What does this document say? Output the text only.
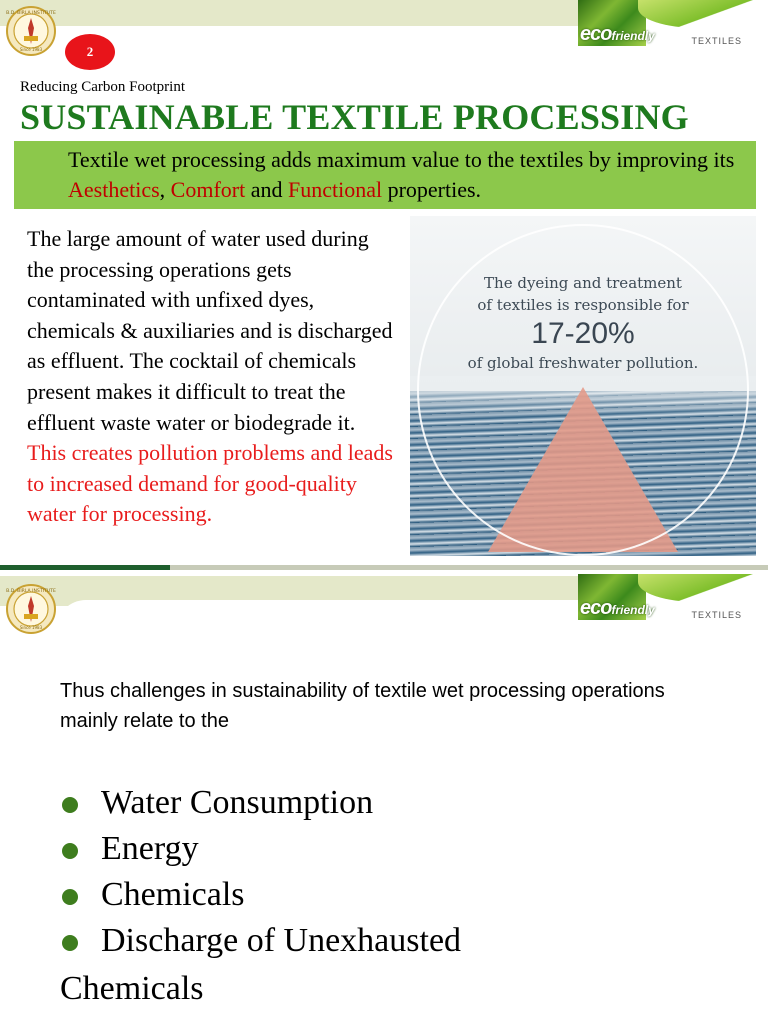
B.D. BIRLA INSTITUTE
Since 1983
ecofriendly	TEXTILES
2
Reducing Carbon Footprint
SUSTAINABLE TEXTILE PROCESSING
Textile wet processing adds maximum value to the textiles by improving its Aesthetics, Comfort and Functional properties.
The large amount of water used during the processing operations gets contaminated with unfixed dyes, chemicals & auxiliaries and is discharged as effluent. The cocktail of chemicals present makes it difficult to treat the effluent waste water or biodegrade it. This creates pollution problems and leads to increased demand for good-quality water for processing.
The dyeing and treatment
of textiles is responsible for
17-20%
of global freshwater pollution.
B.D. BIRLA INSTITUTE
Since 1983
ecofriendly	TEXTILES
Thus challenges in sustainability of textile wet processing operations mainly relate to the
Water Consumption
Energy
Chemicals
Discharge of Unexhausted
Chemicals
